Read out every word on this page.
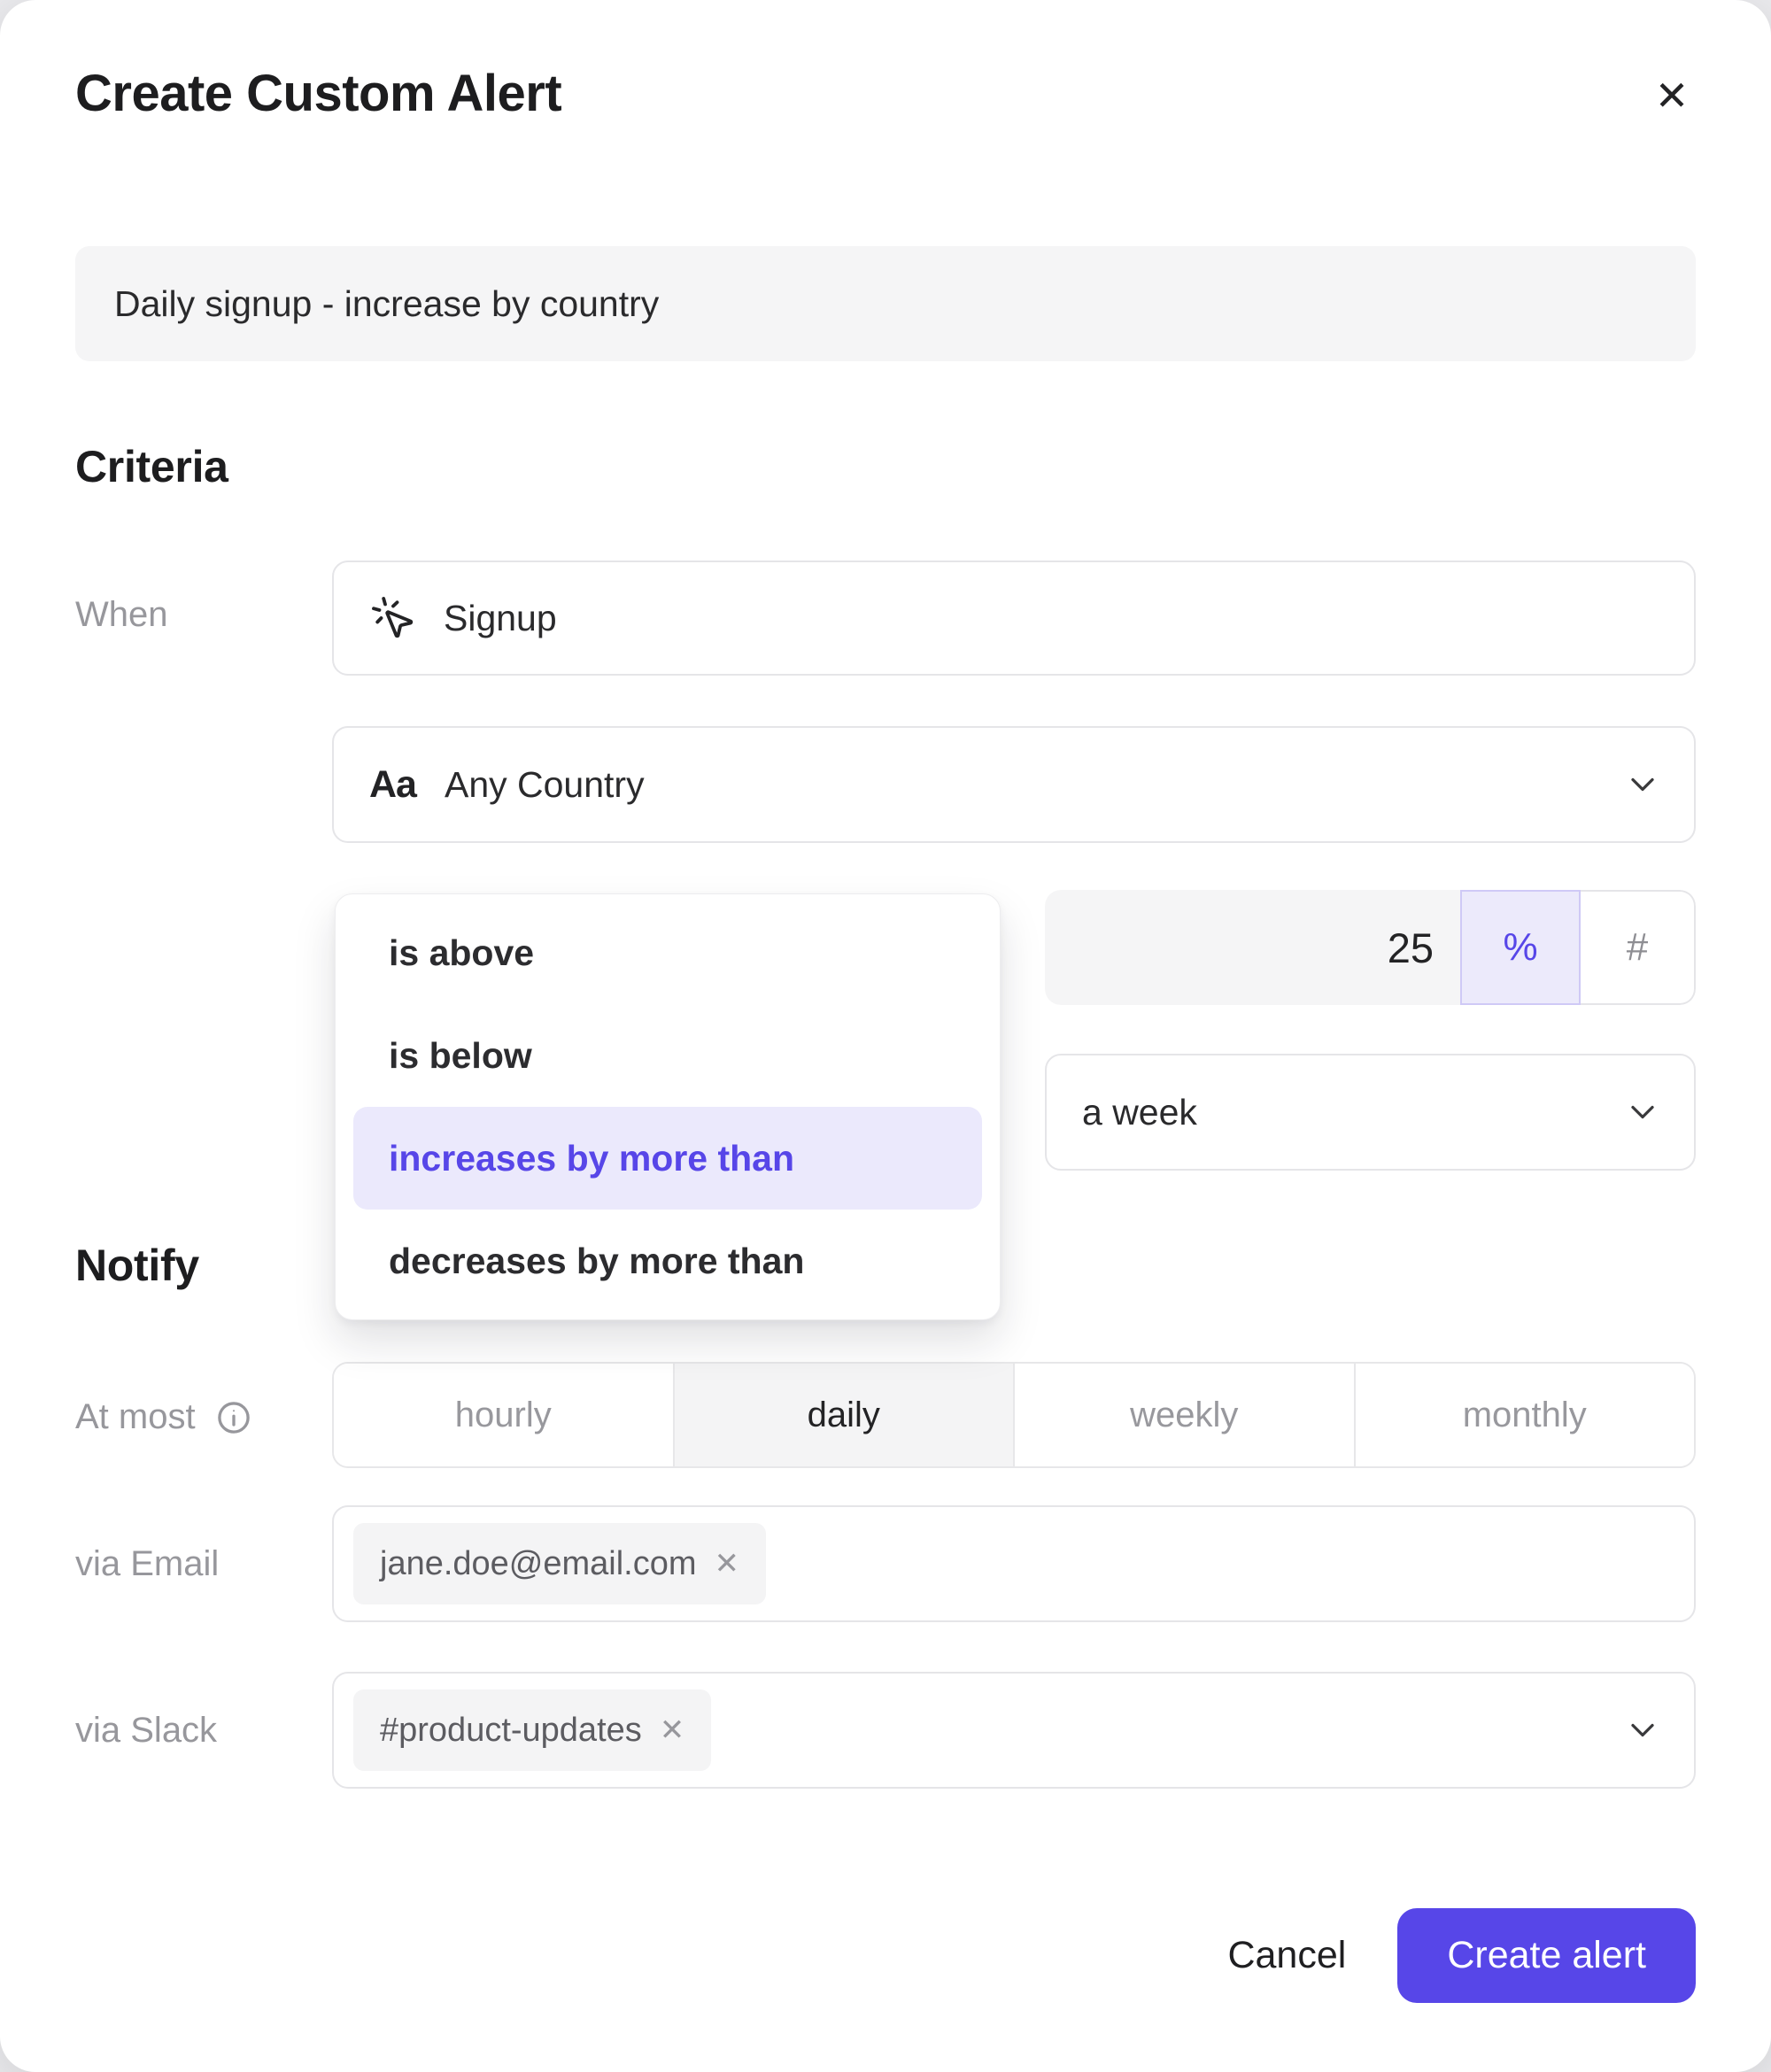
Create Custom Alert	✕
Daily signup - increase by country
Criteria
When	Signup
Aa Any Country
is above
is below
increases by more than
decreases by more than
25	%	#
a week
Notify
At most	hourly	daily	weekly	monthly
via Email	jane.doe@email.com ✕
via Slack	#product-updates ✕
Cancel	Create alert
